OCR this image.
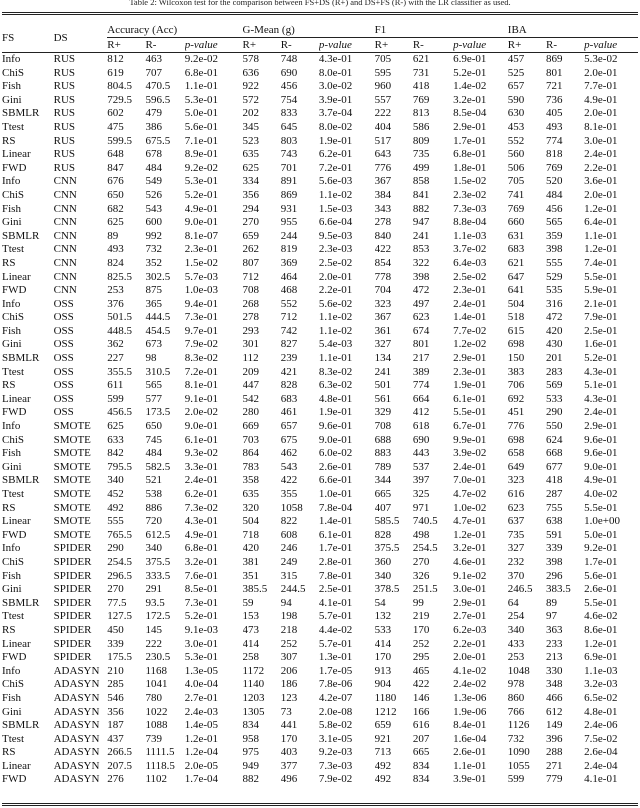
Table 2: Wilcoxon test for the comparison between FS+DS (R+) and DS+FS (R-) with the LR classifier as used.
FS	DS	Accuracy (Acc)			G-Mean (g)			F1			IBA		
		R+	R-	p-value	R+	R-	p-value	R+	R-	p-value	R+	R-	p-value
Info	RUS	812	463	9.2e-02	578	748	4.3e-01	705	621	6.9e-01	457	869	5.3e-02
ChiS	RUS	619	707	6.8e-01	636	690	8.0e-01	595	731	5.2e-01	525	801	2.0e-01
Fish	RUS	804.5	470.5	1.1e-01	922	456	3.0e-02	960	418	1.4e-02	657	721	7.7e-01
Gini	RUS	729.5	596.5	5.3e-01	572	754	3.9e-01	557	769	3.2e-01	590	736	4.9e-01
SBMLR	RUS	602	479	5.0e-01	202	833	3.7e-04	222	813	8.5e-04	630	405	2.0e-01
Ttest	RUS	475	386	5.6e-01	345	645	8.0e-02	404	586	2.9e-01	453	493	8.1e-01
RS	RUS	599.5	675.5	7.1e-01	523	803	1.9e-01	517	809	1.7e-01	552	774	3.0e-01
Linear	RUS	648	678	8.9e-01	635	743	6.2e-01	643	735	6.8e-01	560	818	2.4e-01
FWD	RUS	847	484	9.2e-02	625	701	7.2e-01	776	499	1.8e-01	506	769	2.2e-01
Info	CNN	676	549	5.3e-01	334	891	5.6e-03	367	858	1.5e-02	705	520	3.6e-01
ChiS	CNN	650	526	5.2e-01	356	869	1.1e-02	384	841	2.3e-02	741	484	2.0e-01
Fish	CNN	682	543	4.9e-01	294	931	1.5e-03	343	882	7.3e-03	769	456	1.2e-01
Gini	CNN	625	600	9.0e-01	270	955	6.6e-04	278	947	8.8e-04	660	565	6.4e-01
SBMLR	CNN	89	992	8.1e-07	659	244	9.5e-03	840	241	1.1e-03	631	359	1.1e-01
Ttest	CNN	493	732	2.3e-01	262	819	2.3e-03	422	853	3.7e-02	683	398	1.2e-01
RS	CNN	824	352	1.5e-02	807	369	2.5e-02	854	322	6.4e-03	621	555	7.4e-01
Linear	CNN	825.5	302.5	5.7e-03	712	464	2.0e-01	778	398	2.5e-02	647	529	5.5e-01
FWD	CNN	253	875	1.0e-03	708	468	2.2e-01	704	472	2.3e-01	641	535	5.9e-01
Info	OSS	376	365	9.4e-01	268	552	5.6e-02	323	497	2.4e-01	504	316	2.1e-01
ChiS	OSS	501.5	444.5	7.3e-01	278	712	1.1e-02	367	623	1.4e-01	518	472	7.9e-01
Fish	OSS	448.5	454.5	9.7e-01	293	742	1.1e-02	361	674	7.7e-02	615	420	2.5e-01
Gini	OSS	362	673	7.9e-02	301	827	5.4e-03	327	801	1.2e-02	698	430	1.6e-01
SBMLR	OSS	227	98	8.3e-02	112	239	1.1e-01	134	217	2.9e-01	150	201	5.2e-01
Ttest	OSS	355.5	310.5	7.2e-01	209	421	8.3e-02	241	389	2.3e-01	383	283	4.3e-01
RS	OSS	611	565	8.1e-01	447	828	6.3e-02	501	774	1.9e-01	706	569	5.1e-01
Linear	OSS	599	577	9.1e-01	542	683	4.8e-01	561	664	6.1e-01	692	533	4.3e-01
FWD	OSS	456.5	173.5	2.0e-02	280	461	1.9e-01	329	412	5.5e-01	451	290	2.4e-01
Info	SMOTE	625	650	9.0e-01	669	657	9.6e-01	708	618	6.7e-01	776	550	2.9e-01
ChiS	SMOTE	633	745	6.1e-01	703	675	9.0e-01	688	690	9.9e-01	698	624	9.6e-01
Fish	SMOTE	842	484	9.3e-02	864	462	6.0e-02	883	443	3.9e-02	658	668	9.6e-01
Gini	SMOTE	795.5	582.5	3.3e-01	783	543	2.6e-01	789	537	2.4e-01	649	677	9.0e-01
SBMLR	SMOTE	340	521	2.4e-01	358	422	6.6e-01	344	397	7.0e-01	323	418	4.9e-01
Ttest	SMOTE	452	538	6.2e-01	635	355	1.0e-01	665	325	4.7e-02	616	287	4.0e-02
RS	SMOTE	492	886	7.3e-02	320	1058	7.8e-04	407	971	1.0e-02	623	755	5.5e-01
Linear	SMOTE	555	720	4.3e-01	504	822	1.4e-01	585.5	740.5	4.7e-01	637	638	1.0e+00
FWD	SMOTE	765.5	612.5	4.9e-01	718	608	6.1e-01	828	498	1.2e-01	735	591	5.0e-01
Info	SPIDER	290	340	6.8e-01	420	246	1.7e-01	375.5	254.5	3.2e-01	327	339	9.2e-01
ChiS	SPIDER	254.5	375.5	3.2e-01	381	249	2.8e-01	360	270	4.6e-01	232	398	1.7e-01
Fish	SPIDER	296.5	333.5	7.6e-01	351	315	7.8e-01	340	326	9.1e-02	370	296	5.6e-01
Gini	SPIDER	270	291	8.5e-01	385.5	244.5	2.5e-01	378.5	251.5	3.0e-01	246.5	383.5	2.6e-01
SBMLR	SPIDER	77.5	93.5	7.3e-01	59	94	4.1e-01	54	99	2.9e-01	64	89	5.5e-01
Ttest	SPIDER	127.5	172.5	5.2e-01	153	198	5.7e-01	132	219	2.7e-01	254	97	4.6e-02
RS	SPIDER	450	145	9.1e-03	473	218	4.4e-02	533	170	6.2e-03	340	363	8.6e-01
Linear	SPIDER	339	222	3.0e-01	414	252	5.7e-01	414	252	2.2e-01	433	233	1.2e-01
FWD	SPIDER	175.5	230.5	5.3e-01	258	307	1.3e-01	170	295	2.0e-01	253	213	6.9e-01
Info	ADASYN	210	1168	1.3e-05	1172	206	1.7e-05	913	465	4.1e-02	1048	330	1.1e-03
ChiS	ADASYN	285	1041	4.0e-04	1140	186	7.8e-06	904	422	2.4e-02	978	348	3.2e-03
Fish	ADASYN	546	780	2.7e-01	1203	123	4.2e-07	1180	146	1.3e-06	860	466	6.5e-02
Gini	ADASYN	356	1022	2.4e-03	1305	73	2.0e-08	1212	166	1.9e-06	766	612	4.8e-01
SBMLR	ADASYN	187	1088	1.4e-05	834	441	5.8e-02	659	616	8.4e-01	1126	149	2.4e-06
Ttest	ADASYN	437	739	1.2e-01	958	170	3.1e-05	921	207	1.6e-04	732	396	7.5e-02
RS	ADASYN	266.5	1111.5	1.2e-04	975	403	9.2e-03	713	665	2.6e-01	1090	288	2.6e-04
Linear	ADASYN	207.5	1118.5	2.0e-05	949	377	7.3e-03	492	834	1.1e-01	1055	271	2.4e-04
FWD	ADASYN	276	1102	1.7e-04	882	496	7.9e-02	492	834	3.9e-01	599	779	4.1e-01
